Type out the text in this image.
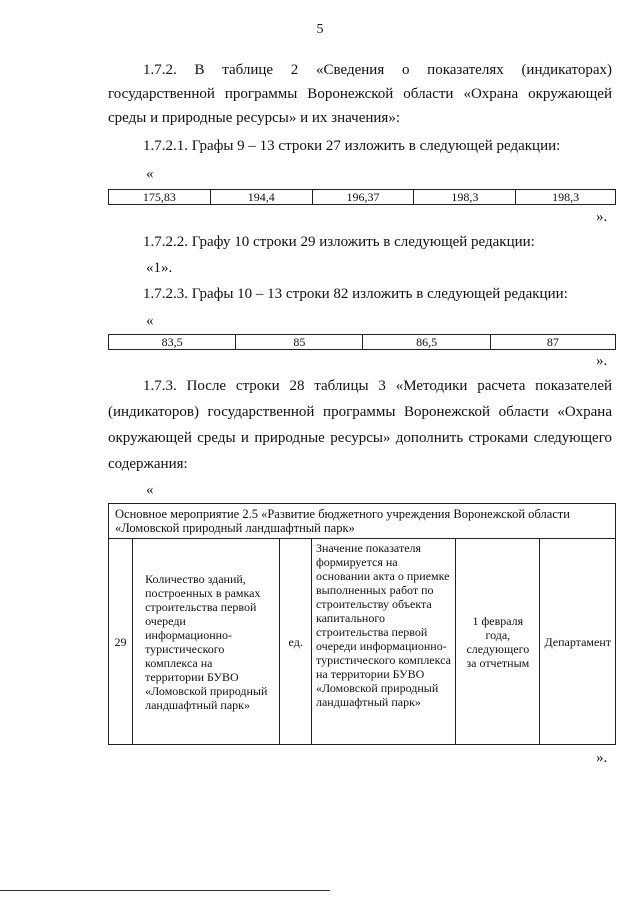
5
1.7.2. В таблице 2 «Сведения о показателях (индикаторах)
государственной программы Воронежской области «Охрана окружающей
среды и природные ресурсы» и их значения»:
1.7.2.1. Графы 9 – 13 строки 27 изложить в следующей редакции:
«
175,83	194,4	196,37	198,3	198,3
».
1.7.2.2. Графу 10 строки 29 изложить в следующей редакции:
«1».
1.7.2.3. Графы 10 – 13 строки 82 изложить в следующей редакции:
«
83,5	85	86,5	87
».
1.7.3. После строки 28 таблицы 3 «Методики расчета показателей
(индикаторов) государственной программы Воронежской области «Охрана
окружающей среды и природные ресурсы» дополнить строками следующего
содержания:
«
Основное мероприятие 2.5 «Развитие бюджетного учреждения Воронежской области «Ломовской природный ландшафтный парк»
29	Количество зданий, построенных в рамках строительства первой очереди информационно-туристического комплекса на территории БУВО «Ломовской природный ландшафтный парк»	ед.	Значение показателя формируется на основании акта о приемке выполненных работ по строительству объекта капитального строительства первой очереди информационно-туристического комплекса на территории БУВО «Ломовской природный ландшафтный парк»	1 февраля года, следующего за отчетным	Департамент
».
